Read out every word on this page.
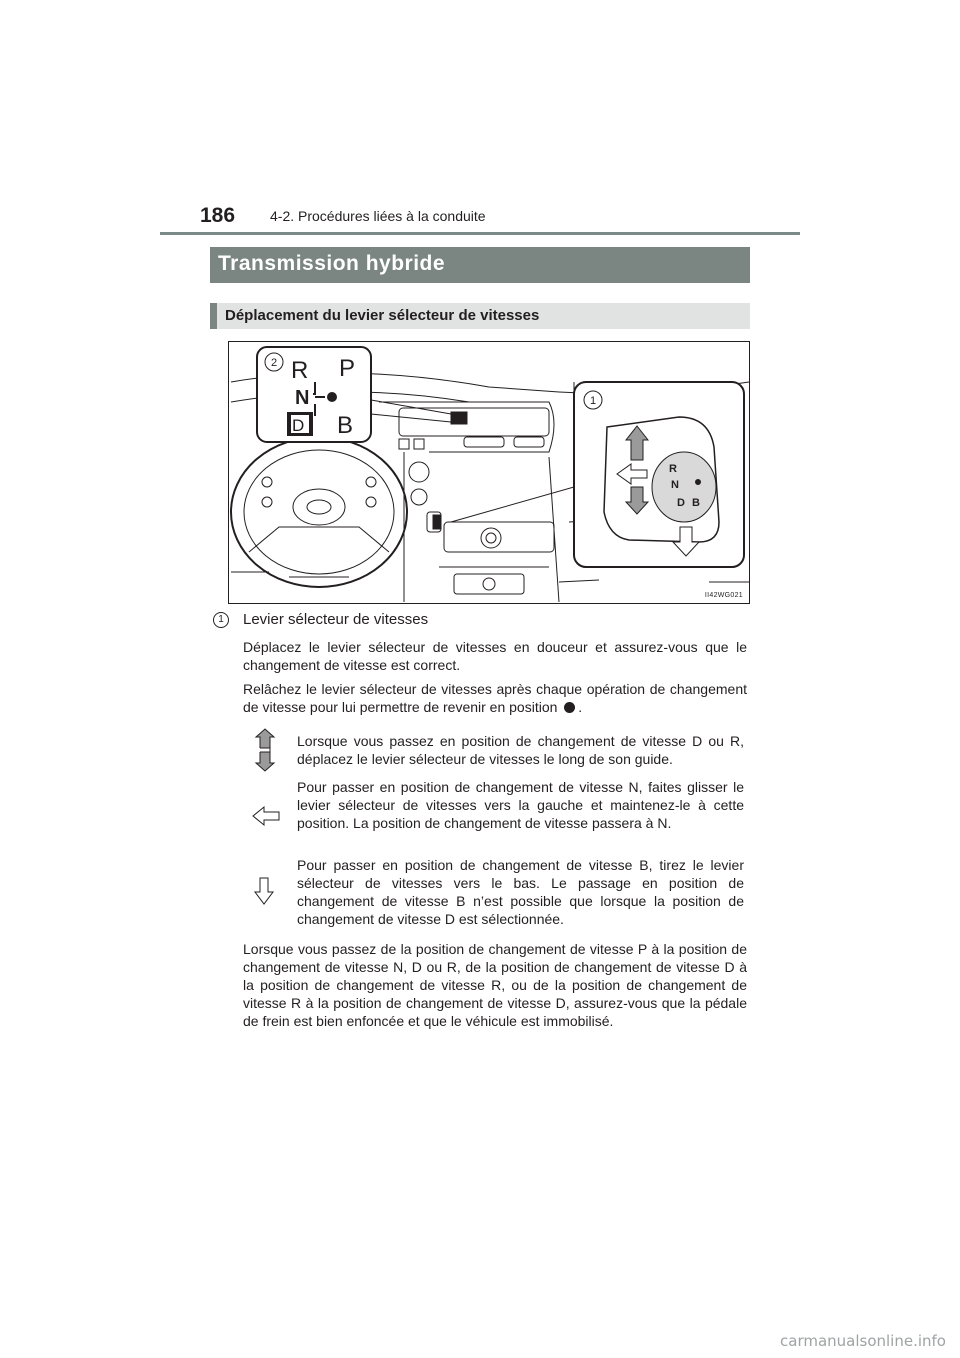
186 4-2. Procédures liées à la conduite
Transmission hybride
Déplacement du levier sélecteur de vitesses
2 R P
N
D B
1
R
N
D B
II42WG021
1	Levier sélecteur de vitesses
Déplacez le levier sélecteur de vitesses en douceur et assurez-vous que le changement de vitesse est correct.
Relâchez le levier sélecteur de vitesses après chaque opération de changement de vitesse pour lui permettre de revenir en position .
Lorsque vous passez en position de changement de vitesse D ou R, déplacez le levier sélecteur de vitesses le long de son guide.
Pour passer en position de changement de vitesse N, faites glisser le levier sélecteur de vitesses vers la gauche et maintenez-le à cette position. La position de changement de vitesse passera à N.
Pour passer en position de changement de vitesse B, tirez le levier sélecteur de vitesses vers le bas. Le passage en position de changement de vitesse B n’est possible que lorsque la position de changement de vitesse D est sélectionnée.
Lorsque vous passez de la position de changement de vitesse P à la position de changement de vitesse N, D ou R, de la position de changement de vitesse D à la position de changement de vitesse R, ou de la position de changement de vitesse R à la position de changement de vitesse D, assurez-vous que la pédale de frein est bien enfoncée et que le véhicule est immobilisé.
carmanualsonline.info
